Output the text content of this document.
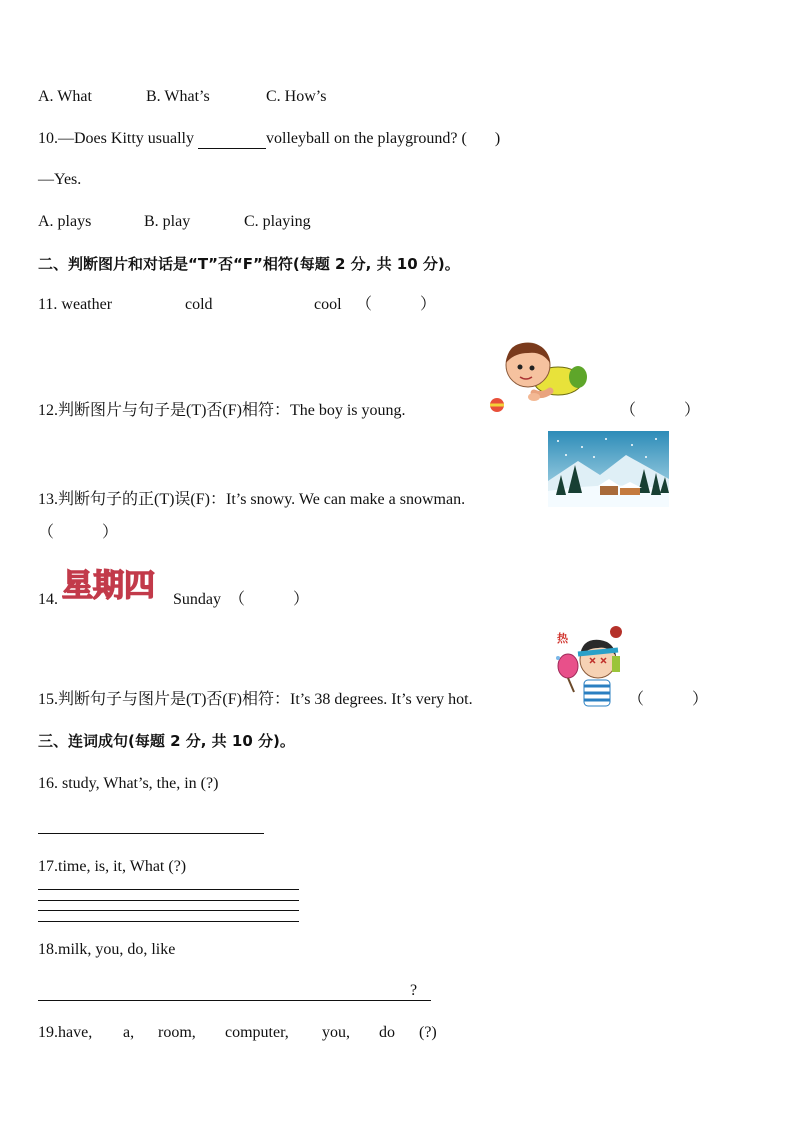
A. What	B. What’s	C. How’s
10.—Does Kitty usually	volleyball on the playground? ( )
—Yes.
A. plays	B. play	C. playing
二、判断图片和对话是“T”否“F”相符(每题 2 分, 共 10 分)。
11. weather	cold	cool （　　　）
12.判断图片与句子是(T)否(F)相符：The boy is young.	（　　　）
13.判断句子的正(T)误(F)：It’s snowy. We can make a snowman.
（　　　）
14. 星期四 Sunday （　　　）
热
15.判断句子与图片是(T)否(F)相符：It’s 38 degrees. It’s very hot.	（　　　）
三、连词成句(每题 2 分, 共 10 分)。
16. study, What’s, the, in (?)
17.time, is, it, What (?)
18.milk, you, do, like
?
19.have, a, room, computer, you, do (?)
